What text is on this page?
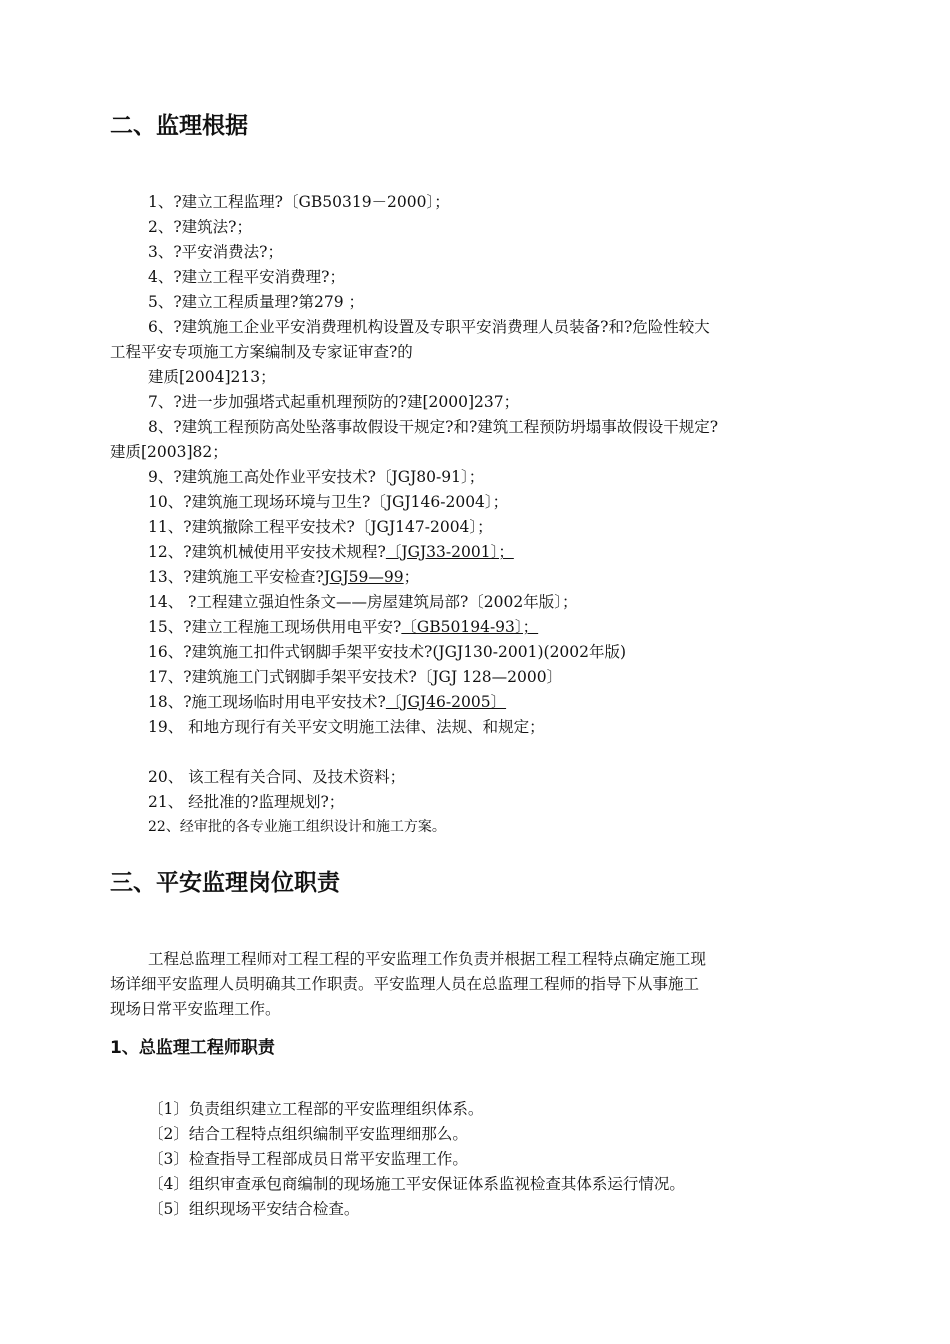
二、监理根据
1、?建立工程监理?〔GB50319－2000〕；
2、?建筑法?；
3、?平安消费法?；
4、?建立工程平安消费理?；
5、?建立工程质量理?第279 ；
6、?建筑施工企业平安消费理机构设置及专职平安消费理人员装备?和?危险性较大
工程平安专项施工方案编制及专家证审查?的
建质[2004]213；
7、?进一步加强塔式起重机理预防的?建[2000]237；
8、?建筑工程预防高处坠落事故假设干规定?和?建筑工程预防坍塌事故假设干规定?
建质[2003]82；
9、?建筑施工高处作业平安技术?〔JGJ80-91〕；
10、?建筑施工现场环境与卫生?〔JGJ146-2004〕；
11、?建筑撤除工程平安技术?〔JGJ147-2004〕；
12、?建筑机械使用平安技术规程?〔JGJ33-2001〕；
13、?建筑施工平安检查?JGJ59—99；
14、 ?工程建立强迫性条文——房屋建筑局部?〔2002年版〕；
15、?建立工程施工现场供用电平安?〔GB50194-93〕；
16、?建筑施工扣件式钢脚手架平安技术?(JGJ130-2001)(2002年版)
17、?建筑施工门式钢脚手架平安技术?〔JGJ 128—2000〕
18、?施工现场临时用电平安技术?〔JGJ46-2005〕
19、 和地方现行有关平安文明施工法律、法规、和规定；
20、 该工程有关合同、及技术资料；
21、 经批准的?监理规划?；
22、经审批的各专业施工组织设计和施工方案。
三、平安监理岗位职责
工程总监理工程师对工程工程的平安监理工作负责并根据工程工程特点确定施工现
场详细平安监理人员明确其工作职责。平安监理人员在总监理工程师的指导下从事施工
现场日常平安监理工作。
1、总监理工程师职责
〔1〕负责组织建立工程部的平安监理组织体系。
〔2〕结合工程特点组织编制平安监理细那么。
〔3〕检查指导工程部成员日常平安监理工作。
〔4〕组织审查承包商编制的现场施工平安保证体系监视检查其体系运行情况。
〔5〕组织现场平安结合检查。
